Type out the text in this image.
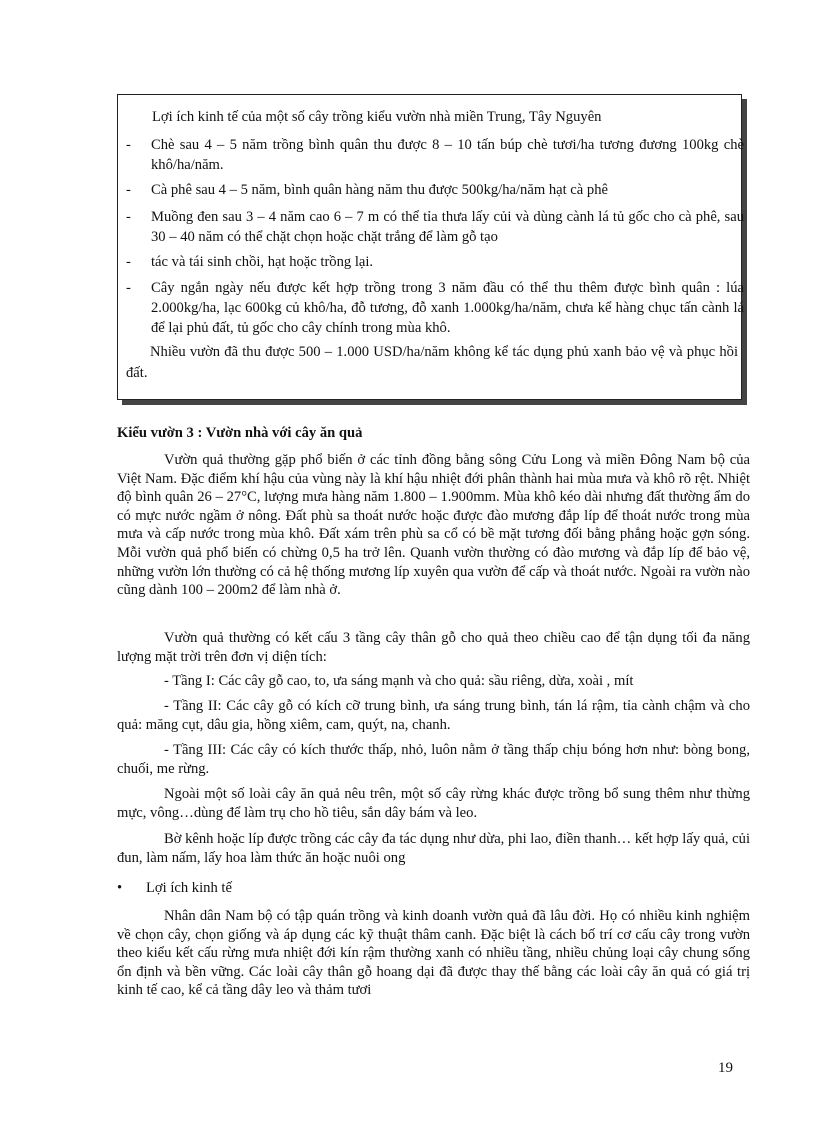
Lợi ích kinh tế của một số cây trồng kiểu vườn nhà miền Trung, Tây Nguyên
- Chè sau 4 – 5 năm trồng bình quân thu được 8 – 10 tấn búp chè tươi/ha tương đương 100kg chè khô/ha/năm.
- Cà phê sau 4 – 5 năm, bình quân hàng năm thu được 500kg/ha/năm hạt cà phê
- Muồng đen sau 3 – 4 năm cao 6 – 7 m có thể tỉa thưa lấy củi và dùng cành lá tủ gốc cho cà phê, sau 30 – 40 năm có thể chặt chọn hoặc chặt trắng để làm gỗ tạo
- tác và tái sinh chồi, hạt hoặc trồng lại.
- Cây ngắn ngày nếu được kết hợp trồng trong 3 năm đầu có thể thu thêm được bình quân : lúa 2.000kg/ha, lạc 600kg củ khô/ha, đỗ tương, đỗ xanh 1.000kg/ha/năm, chưa kể hàng chục tấn cành lá để lại phủ đất, tủ gốc cho cây chính trong mùa khô.
Nhiều vườn đã thu được 500 – 1.000 USD/ha/năm không kể tác dụng phủ xanh bảo vệ và phục hồi đất.
Kiểu vườn 3 : Vườn nhà với cây ăn quả
Vườn quả thường gặp phổ biến ở các tỉnh đồng bằng sông Cửu Long và miền Đông Nam bộ của Việt Nam. Đặc điểm khí hậu của vùng này là khí hậu nhiệt đới phân thành hai mùa mưa và khô rõ rệt. Nhiệt độ bình quân 26 – 27°C, lượng mưa hàng năm 1.800 – 1.900mm. Mùa khô kéo dài nhưng đất thường ẩm do có mực nước ngầm ở nông. Đất phù sa thoát nước hoặc được đào mương đắp líp để thoát nước trong mùa mưa và cấp nước trong mùa khô. Đất xám trên phù sa cổ có bề mặt tương đối bằng phẳng hoặc gợn sóng. Mỗi vườn quả phổ biến có chừng 0,5 ha trở lên. Quanh vườn thường có đào mương và đắp líp để bảo vệ, những vườn lớn thường có cả hệ thống mương líp xuyên qua vườn để cấp và thoát nước. Ngoài ra vườn nào cũng dành 100 – 200m2 để làm nhà ở.
Vườn quả thường có kết cấu 3 tầng cây thân gỗ cho quả theo chiều cao để tận dụng tối đa năng lượng mặt trời trên đơn vị diện tích:
- Tầng I: Các cây gỗ cao, to, ưa sáng mạnh và cho quả: sầu riêng, dừa, xoài , mít
- Tầng II: Các cây gỗ có kích cỡ trung bình, ưa sáng trung bình, tán lá rậm, tỉa cành chậm và cho quả: măng cụt, dâu gia, hồng xiêm, cam, quýt, na, chanh.
- Tầng III: Các cây có kích thước thấp, nhỏ, luôn nằm ở tầng thấp chịu bóng hơn như: bòng bong, chuối, me rừng.
Ngoài một số loài cây ăn quả nêu trên, một số cây rừng khác được trồng bổ sung thêm như thừng mực, vông…dùng để làm trụ cho hồ tiêu, sắn dây bám và leo.
Bờ kênh hoặc líp được trồng các cây đa tác dụng như dừa, phi lao, điền thanh… kết hợp lấy quả, củi đun, làm nấm, lấy hoa làm thức ăn hoặc nuôi ong
• Lợi ích kinh tế
Nhân dân Nam bộ có tập quán trồng và kinh doanh vườn quả đã lâu đời. Họ có nhiều kinh nghiệm về chọn cây, chọn giống và áp dụng các kỹ thuật thâm canh. Đặc biệt là cách bố trí cơ cấu cây trong vườn theo kiểu kết cấu rừng mưa nhiệt đới kín rậm thường xanh có nhiều tầng, nhiều chủng loại cây chung sống ổn định và bền vững. Các loài cây thân gỗ hoang dại đã được thay thế bằng các loài cây ăn quả có giá trị kinh tế cao, kể cả tầng dây leo và thảm tươi
19
